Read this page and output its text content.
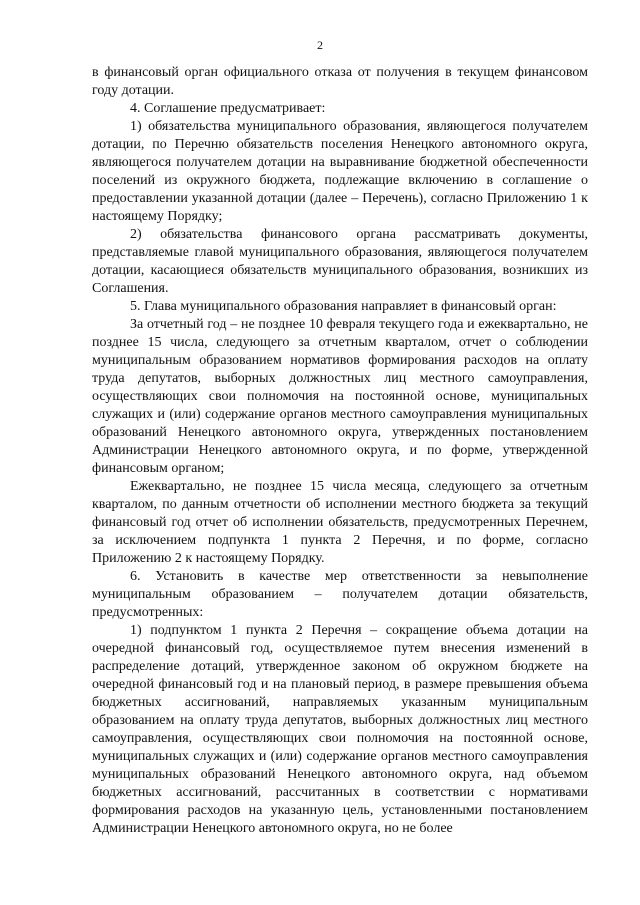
2

в финансовый орган официального отказа от получения в текущем финансовом году дотации.

4. Соглашение предусматривает:

1) обязательства муниципального образования, являющегося получателем дотации, по Перечню обязательств поселения Ненецкого автономного округа, являющегося получателем дотации на выравнивание бюджетной обеспеченности поселений из окружного бюджета, подлежащие включению в соглашение о предоставлении указанной дотации (далее – Перечень), согласно Приложению 1 к настоящему Порядку;

2) обязательства финансового органа рассматривать документы, представляемые главой муниципального образования, являющегося получателем дотации, касающиеся обязательств муниципального образования, возникших из Соглашения.

5. Глава муниципального образования направляет в финансовый орган:

За отчетный год – не позднее 10 февраля текущего года и ежеквартально, не позднее 15 числа, следующего за отчетным кварталом, отчет о соблюдении муниципальным образованием нормативов формирования расходов на оплату труда депутатов, выборных должностных лиц местного самоуправления, осуществляющих свои полномочия на постоянной основе, муниципальных служащих и (или) содержание органов местного самоуправления муниципальных образований Ненецкого автономного округа, утвержденных постановлением Администрации Ненецкого автономного округа, и по форме, утвержденной финансовым органом;

Ежеквартально, не позднее 15 числа месяца, следующего за отчетным кварталом, по данным отчетности об исполнении местного бюджета за текущий финансовый год отчет об исполнении обязательств, предусмотренных Перечнем, за исключением подпункта 1 пункта 2 Перечня, и по форме, согласно Приложению 2 к настоящему Порядку.

6. Установить в качестве мер ответственности за невыполнение муниципальным образованием – получателем дотации обязательств, предусмотренных:

1) подпунктом 1 пункта 2 Перечня – сокращение объема дотации на очередной финансовый год, осуществляемое путем внесения изменений в распределение дотаций, утвержденное законом об окружном бюджете на очередной финансовый год и на плановый период, в размере превышения объема бюджетных ассигнований, направляемых указанным муниципальным образованием на оплату труда депутатов, выборных должностных лиц местного самоуправления, осуществляющих свои полномочия на постоянной основе, муниципальных служащих и (или) содержание органов местного самоуправления муниципальных образований Ненецкого автономного округа, над объемом бюджетных ассигнований, рассчитанных в соответствии с нормативами формирования расходов на указанную цель, установленными постановлением Администрации Ненецкого автономного округа, но не более
